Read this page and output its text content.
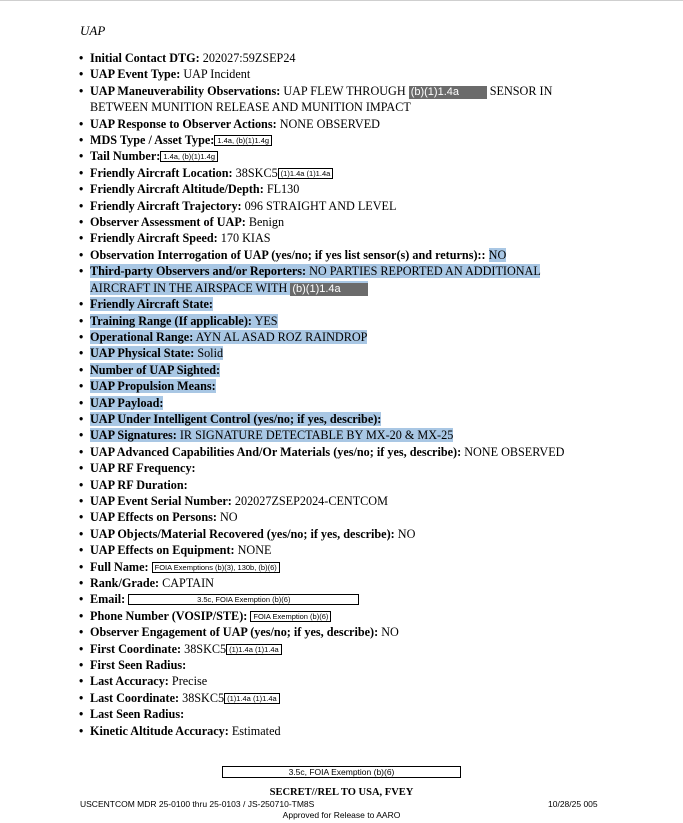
UAP
• Initial Contact DTG: 202027:59ZSEP24
• UAP Event Type: UAP Incident
• UAP Maneuverability Observations: UAP FLEW THROUGH (b)(1)1.4a	SENSOR IN BETWEEN MUNITION RELEASE AND MUNITION IMPACT
• UAP Response to Observer Actions: NONE OBSERVED
• MDS Type / Asset Type: 1.4a, (b)(1)1.4g
• Tail Number: 1.4a, (b)(1)1.4g
• Friendly Aircraft Location: 38SKC5 (1)1.4a (1)1.4a
• Friendly Aircraft Altitude/Depth: FL130
• Friendly Aircraft Trajectory: 096 STRAIGHT AND LEVEL
• Observer Assessment of UAP: Benign
• Friendly Aircraft Speed: 170 KIAS
• Observation Interrogation of UAP (yes/no; if yes list sensor(s) and returns):: NO
• Third-party Observers and/or Reporters: NO PARTIES REPORTED AN ADDITIONAL AIRCRAFT IN THE AIRSPACE WITH (b)(1)1.4a
• Friendly Aircraft State:
• Training Range (If applicable): YES
• Operational Range: AYN AL ASAD ROZ RAINDROP
• UAP Physical State: Solid
• Number of UAP Sighted:
• UAP Propulsion Means:
• UAP Payload:
• UAP Under Intelligent Control (yes/no; if yes, describe):
• UAP Signatures: IR SIGNATURE DETECTABLE BY MX-20 & MX-25
• UAP Advanced Capabilities And/Or Materials (yes/no; if yes, describe): NONE OBSERVED
• UAP RF Frequency:
• UAP RF Duration:
• UAP Event Serial Number: 202027ZSEP2024-CENTCOM
• UAP Effects on Persons: NO
• UAP Objects/Material Recovered (yes/no; if yes, describe): NO
• UAP Effects on Equipment: NONE
• Full Name: FOIA Exemptions (b)(3), 130b, (b)(6)
• Rank/Grade: CAPTAIN
• Email:	3.5c, FOIA Exemption (b)(6)
• Phone Number (VOSIP/STE): FOIA Exemption (b)(6)
• Observer Engagement of UAP (yes/no; if yes, describe): NO
• First Coordinate: 38SKC5 (1)1.4a (1)1.4a
• First Seen Radius:
• Last Accuracy: Precise
• Last Coordinate: 38SKC5 (1)1.4a (1)1.4a
• Last Seen Radius:
• Kinetic Altitude Accuracy: Estimated
3.5c, FOIA Exemption (b)(6)
SECRET//REL TO USA, FVEY
USCENTCOM MDR 25-0100 thru 25-0103 / JS-250710-TM8S	10/28/25 005
Approved for Release to AARO
